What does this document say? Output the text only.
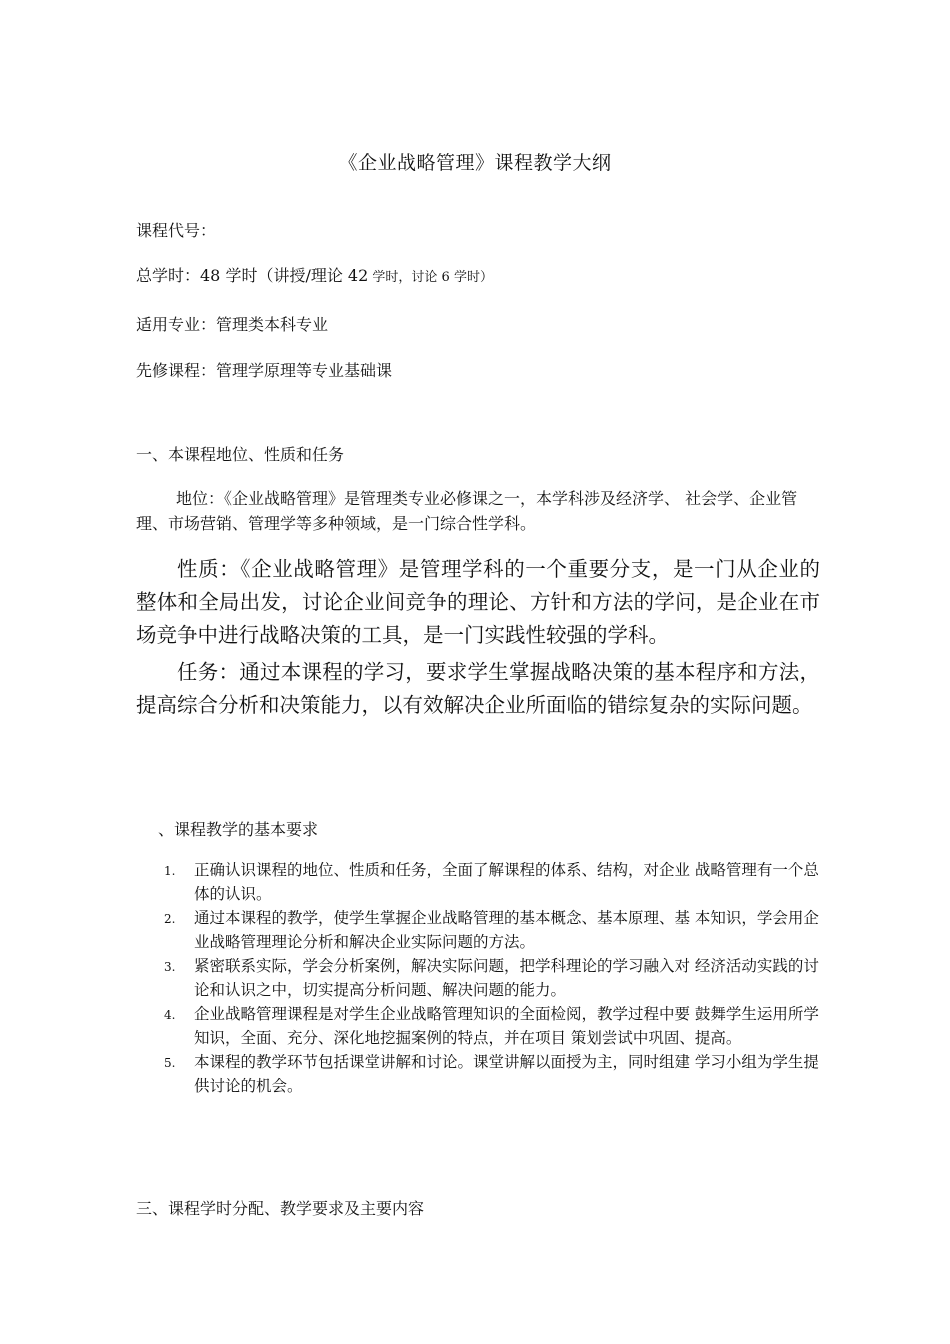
《企业战略管理》课程教学大纲
课程代号：
总学时：48 学时（讲授/理论 42 学时，讨论 6 学时）
适用专业：管理类本科专业
先修课程：管理学原理等专业基础课
一、本课程地位、性质和任务
地位：《企业战略管理》是管理类专业必修课之一，本学科涉及经济学、 社会学、企业管理、市场营销、管理学等多种领域，是一门综合性学科。
性质：《企业战略管理》是管理学科的一个重要分支，是一门从企业的整体和全局出发，讨论企业间竞争的理论、方针和方法的学问，是企业在市场竞争中进行战略决策的工具，是一门实践性较强的学科。
任务：通过本课程的学习，要求学生掌握战略决策的基本程序和方法，提高综合分析和决策能力，以有效解决企业所面临的错综复杂的实际问题。
、课程教学的基本要求
1. 正确认识课程的地位、性质和任务，全面了解课程的体系、结构，对企业 战略管理有一个总体的认识。
2. 通过本课程的教学，使学生掌握企业战略管理的基本概念、基本原理、基 本知识，学会用企业战略管理理论分析和解决企业实际问题的方法。
3. 紧密联系实际，学会分析案例，解决实际问题，把学科理论的学习融入对 经济活动实践的讨论和认识之中，切实提高分析问题、解决问题的能力。
4. 企业战略管理课程是对学生企业战略管理知识的全面检阅，教学过程中要 鼓舞学生运用所学知识，全面、充分、深化地挖掘案例的特点，并在项目 策划尝试中巩固、提高。
5. 本课程的教学环节包括课堂讲解和讨论。课堂讲解以面授为主，同时组建 学习小组为学生提供讨论的机会。
三、课程学时分配、教学要求及主要内容
